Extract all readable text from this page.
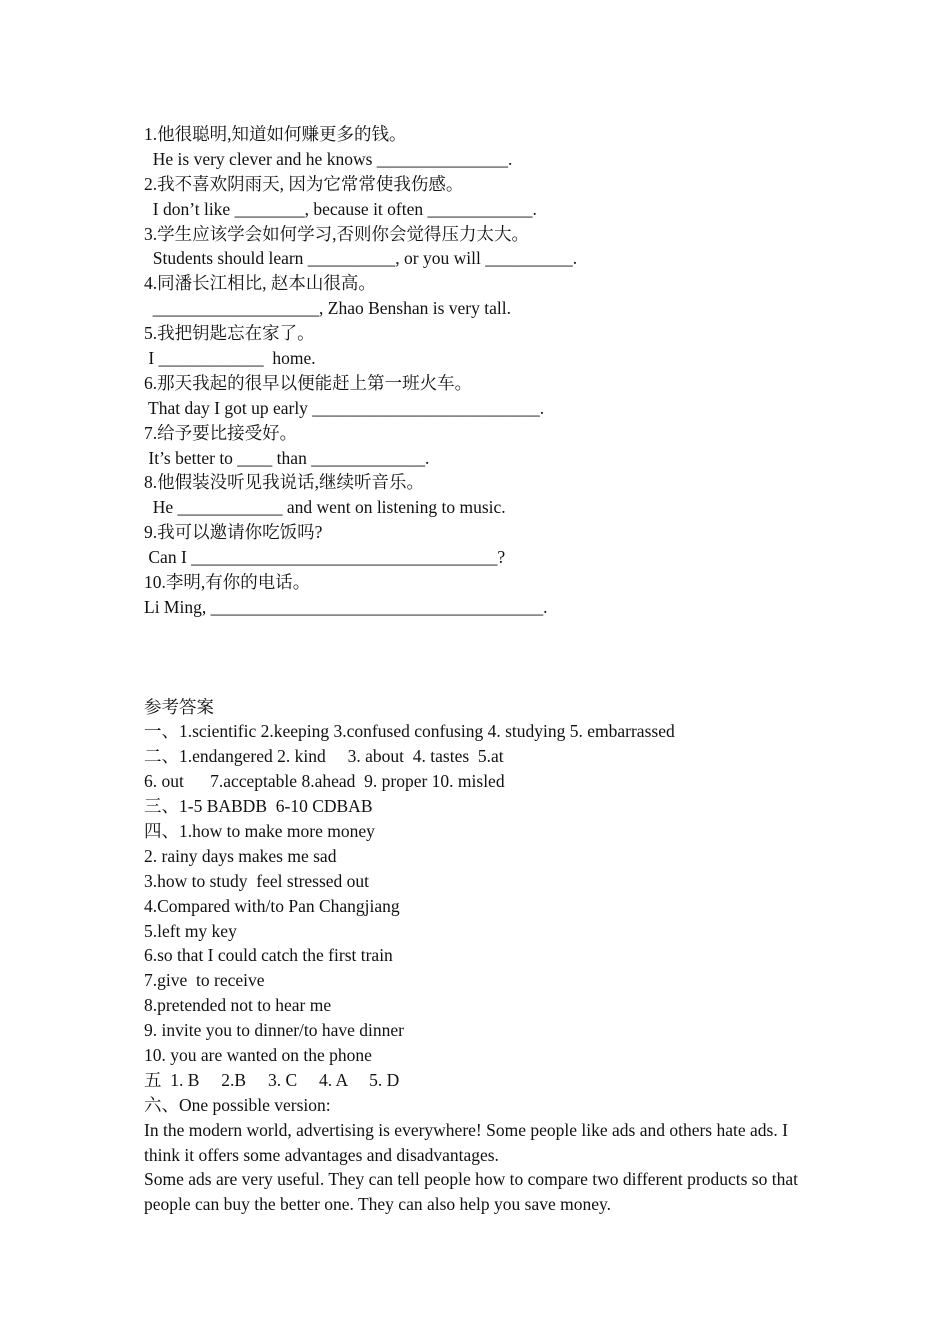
1.他很聪明,知道如何赚更多的钱。
He is very clever and he knows _______________.
2.我不喜欢阴雨天, 因为它常常使我伤感。
I don’t like ________, because it often ____________.
3.学生应该学会如何学习,否则你会觉得压力太大。
Students should learn __________, or you will __________.
4.同潘长江相比, 赵本山很高。
___________________, Zhao Benshan is very tall.
5.我把钥匙忘在家了。
I ____________  home.
6.那天我起的很早以便能赶上第一班火车。
That day I got up early __________________________.
7.给予要比接受好。
It’s better to ____ than _____________.
8.他假装没听见我说话,继续听音乐。
He ____________ and went on listening to music.
9.我可以邀请你吃饭吗?
Can I ___________________________________?
10.李明,有你的电话。
Li Ming, ______________________________________.
参考答案
一、1.scientific 2.keeping 3.confused confusing 4. studying 5. embarrassed
二、1.endangered 2. kind     3. about  4. tastes  5.at
6. out      7.acceptable 8.ahead  9. proper 10. misled
三、1-5 BABDB  6-10 CDBAB
四、1.how to make more money
2. rainy days makes me sad
3.how to study  feel stressed out
4.Compared with/to Pan Changjiang
5.left my key
6.so that I could catch the first train
7.give  to receive
8.pretended not to hear me
9. invite you to dinner/to have dinner
10. you are wanted on the phone
五  1. B     2.B     3. C     4. A     5. D
六、One possible version:
In the modern world, advertising is everywhere! Some people like ads and others hate ads. I think it offers some advantages and disadvantages.
Some ads are very useful. They can tell people how to compare two different products so that people can buy the better one. They can also help you save money.
